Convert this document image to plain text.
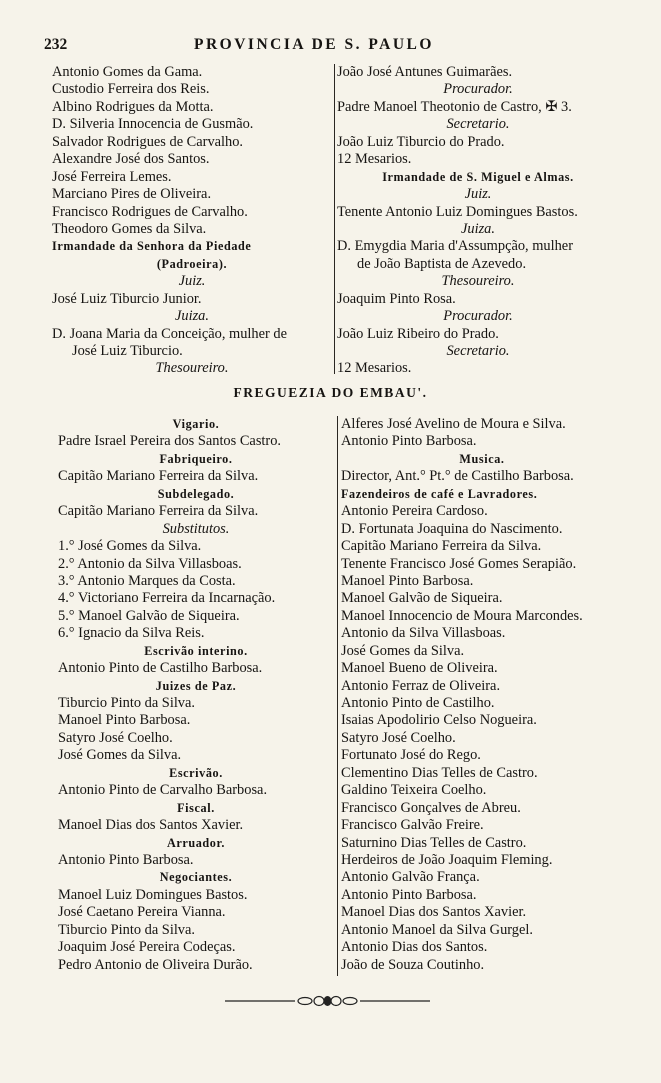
232	PROVINCIA DE S. PAULO
Antonio Gomes da Gama.
Custodio Ferreira dos Reis.
Albino Rodrigues da Motta.
D. Silveria Innocencia de Gusmão.
Salvador Rodrigues de Carvalho.
Alexandre José dos Santos.
José Ferreira Lemes.
Marciano Pires de Oliveira.
Francisco Rodrigues de Carvalho.
Theodoro Gomes da Silva.
Irmandade da Senhora da Piedade
(Padroeira).
Juiz.
José Luiz Tiburcio Junior.
Juiza.
D. Joana Maria da Conceição, mulher de
José Luiz Tiburcio.
Thesoureiro.
João José Antunes Guimarães.
Procurador.
Padre Manoel Theotonio de Castro, ✠ 3.
Secretario.
João Luiz Tiburcio do Prado.
12 Mesarios.
Irmandade de S. Miguel e Almas.
Juiz.
Tenente Antonio Luiz Domingues Bastos.
Juiza.
D. Emygdia Maria d'Assumpção, mulher
de João Baptista de Azevedo.
Thesoureiro.
Joaquim Pinto Rosa.
Procurador.
João Luiz Ribeiro do Prado.
Secretario.
12 Mesarios.
FREGUEZIA DO EMBAU'.
Vigario.
Padre Israel Pereira dos Santos Castro.
Fabriqueiro.
Capitão Mariano Ferreira da Silva.
Subdelegado.
Capitão Mariano Ferreira da Silva.
Substitutos.
1.° José Gomes da Silva.
2.° Antonio da Silva Villasboas.
3.° Antonio Marques da Costa.
4.° Victoriano Ferreira da Incarnação.
5.° Manoel Galvão de Siqueira.
6.° Ignacio da Silva Reis.
Escrivão interino.
Antonio Pinto de Castilho Barbosa.
Juizes de Paz.
Tiburcio Pinto da Silva.
Manoel Pinto Barbosa.
Satyro José Coelho.
José Gomes da Silva.
Escrivão.
Antonio Pinto de Carvalho Barbosa.
Fiscal.
Manoel Dias dos Santos Xavier.
Arruador.
Antonio Pinto Barbosa.
Negociantes.
Manoel Luiz Domingues Bastos.
José Caetano Pereira Vianna.
Tiburcio Pinto da Silva.
Joaquim José Pereira Codeças.
Pedro Antonio de Oliveira Durão.
Alferes José Avelino de Moura e Silva.
Antonio Pinto Barbosa.
Musica.
Director, Ant.° Pt.° de Castilho Barbosa.
Fazendeiros de café e Lavradores.
Antonio Pereira Cardoso.
D. Fortunata Joaquina do Nascimento.
Capitão Mariano Ferreira da Silva.
Tenente Francisco José Gomes Serapião.
Manoel Pinto Barbosa.
Manoel Galvão de Siqueira.
Manoel Innocencio de Moura Marcondes.
Antonio da Silva Villasboas.
José Gomes da Silva.
Manoel Bueno de Oliveira.
Antonio Ferraz de Oliveira.
Antonio Pinto de Castilho.
Isaias Apodolirio Celso Nogueira.
Satyro José Coelho.
Fortunato José do Rego.
Clementino Dias Telles de Castro.
Galdino Teixeira Coelho.
Francisco Gonçalves de Abreu.
Francisco Galvão Freire.
Saturnino Dias Telles de Castro.
Herdeiros de João Joaquim Fleming.
Antonio Galvão França.
Antonio Pinto Barbosa.
Manoel Dias dos Santos Xavier.
Antonio Manoel da Silva Gurgel.
Antonio Dias dos Santos.
João de Souza Coutinho.
